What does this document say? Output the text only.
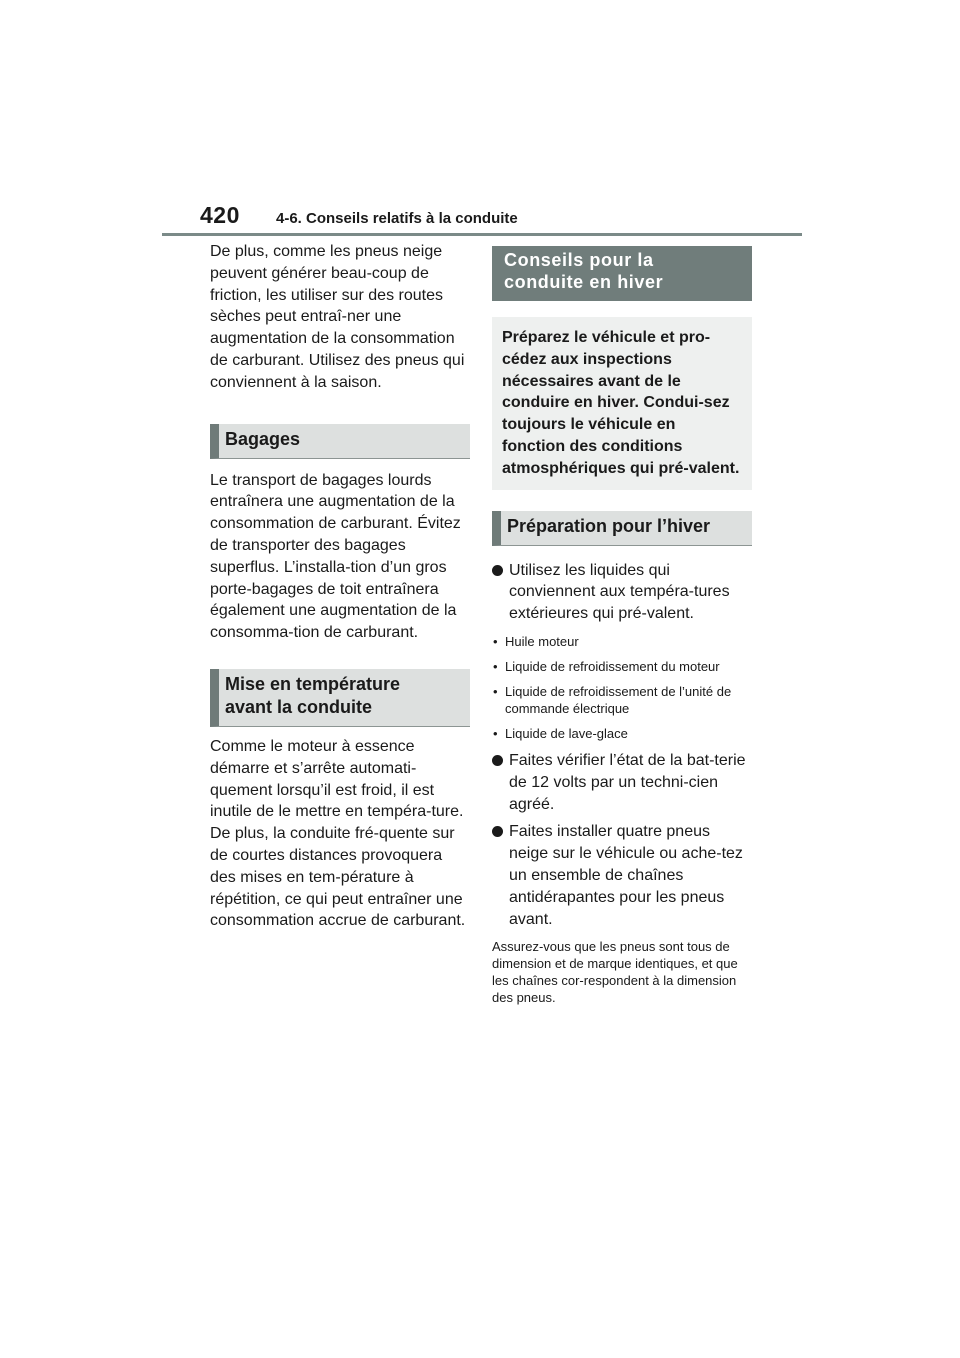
420 4-6. Conseils relatifs à la conduite

De plus, comme les pneus neige peuvent générer beau-coup de friction, les utiliser sur des routes sèches peut entraî-ner une augmentation de la consommation de carburant. Utilisez des pneus qui conviennent à la saison.

Bagages

Le transport de bagages lourds entraînera une augmentation de la consommation de carburant. Évitez de transporter des bagages superflus. L’installa-tion d’un gros porte-bagages de toit entraînera également une augmentation de la consomma-tion de carburant.

Mise en température
avant la conduite

Comme le moteur à essence démarre et s’arrête automati-quement lorsqu’il est froid, il est inutile de le mettre en tempéra-ture. De plus, la conduite fré-quente sur de courtes distances provoquera des mises en tem-pérature à répétition, ce qui peut entraîner une consommation accrue de carburant.

Conseils pour la
conduite en hiver
Préparez le véhicule et pro-cédez aux inspections nécessaires avant de le conduire en hiver. Condui-sez toujours le véhicule en fonction des conditions atmosphériques qui pré-valent.
Préparation pour l’hiver
Utilisez les liquides qui conviennent aux tempéra-tures extérieures qui pré-valent.
• Huile moteur
• Liquide de refroidissement du moteur
• Liquide de refroidissement de l’unité de commande électrique
• Liquide de lave-glace
Faites vérifier l’état de la bat-terie de 12 volts par un techni-cien agréé.
Faites installer quatre pneus neige sur le véhicule ou ache-tez un ensemble de chaînes antidérapantes pour les pneus avant.

Assurez-vous que les pneus sont tous de dimension et de marque identiques, et que les chaînes cor-respondent à la dimension des pneus.
